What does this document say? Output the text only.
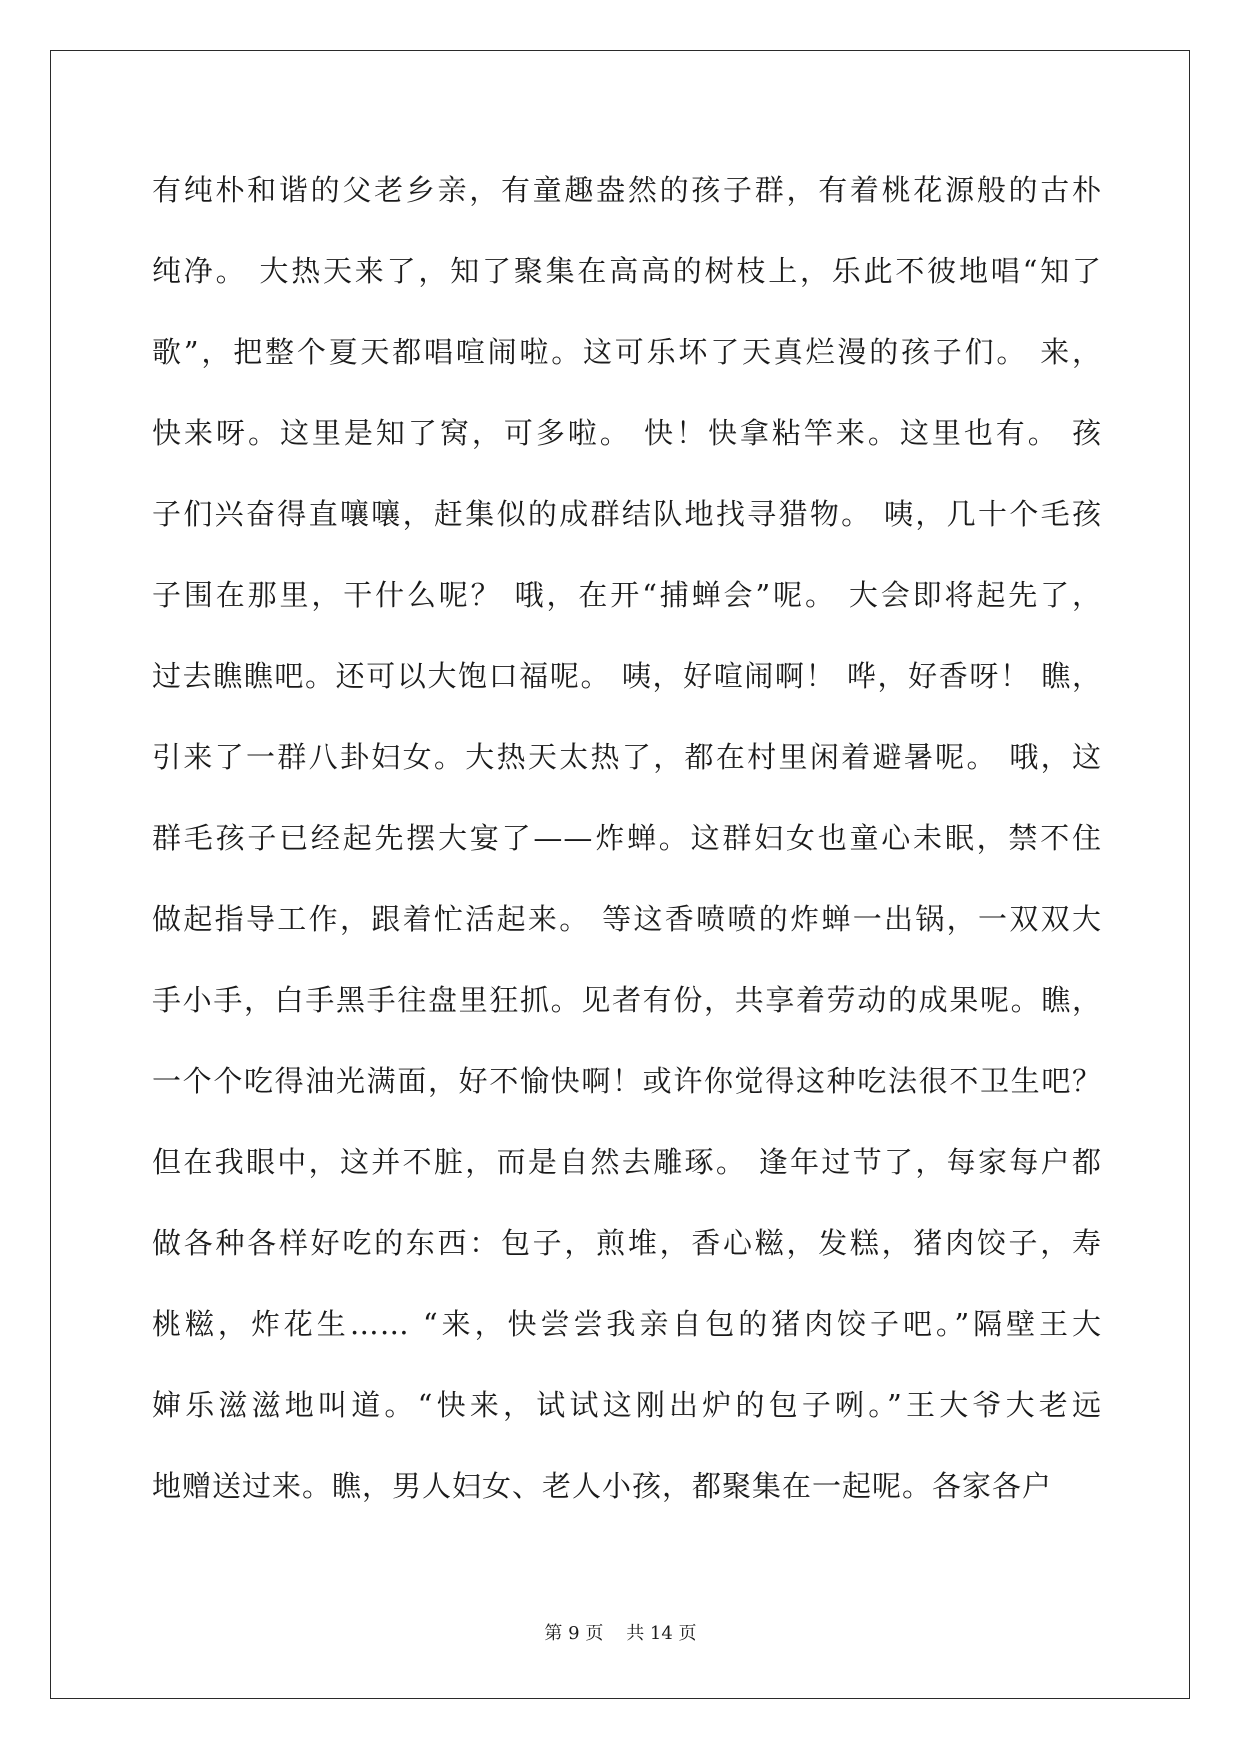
有纯朴和谐的父老乡亲，有童趣盎然的孩子群，有着桃花源般的古朴
纯净。 大热天来了，知了聚集在高高的树枝上，乐此不彼地唱“知了
歌”，把整个夏天都唱喧闹啦。这可乐坏了天真烂漫的孩子们。 来，
快来呀。这里是知了窝，可多啦。 快！快拿粘竿来。这里也有。 孩
子们兴奋得直嚷嚷，赶集似的成群结队地找寻猎物。 咦，几十个毛孩
子围在那里，干什么呢？ 哦，在开“捕蝉会”呢。 大会即将起先了，
过去瞧瞧吧。还可以大饱口福呢。 咦，好喧闹啊！ 哗，好香呀！ 瞧，
引来了一群八卦妇女。大热天太热了，都在村里闲着避暑呢。 哦，这
群毛孩子已经起先摆大宴了——炸蝉。这群妇女也童心未眠，禁不住
做起指导工作，跟着忙活起来。 等这香喷喷的炸蝉一出锅，一双双大
手小手，白手黑手往盘里狂抓。见者有份，共享着劳动的成果呢。瞧，
一个个吃得油光满面，好不愉快啊！或许你觉得这种吃法很不卫生吧？
但在我眼中，这并不脏，而是自然去雕琢。 逢年过节了，每家每户都
做各种各样好吃的东西：包子，煎堆，香心糍，发糕，猪肉饺子，寿
桃糍，炸花生…… “来，快尝尝我亲自包的猪肉饺子吧。”隔壁王大
婶乐滋滋地叫道。“快来，试试这刚出炉的包子咧。”王大爷大老远
地赠送过来。瞧，男人妇女、老人小孩，都聚集在一起呢。各家各户
第 9 页    共 14 页
